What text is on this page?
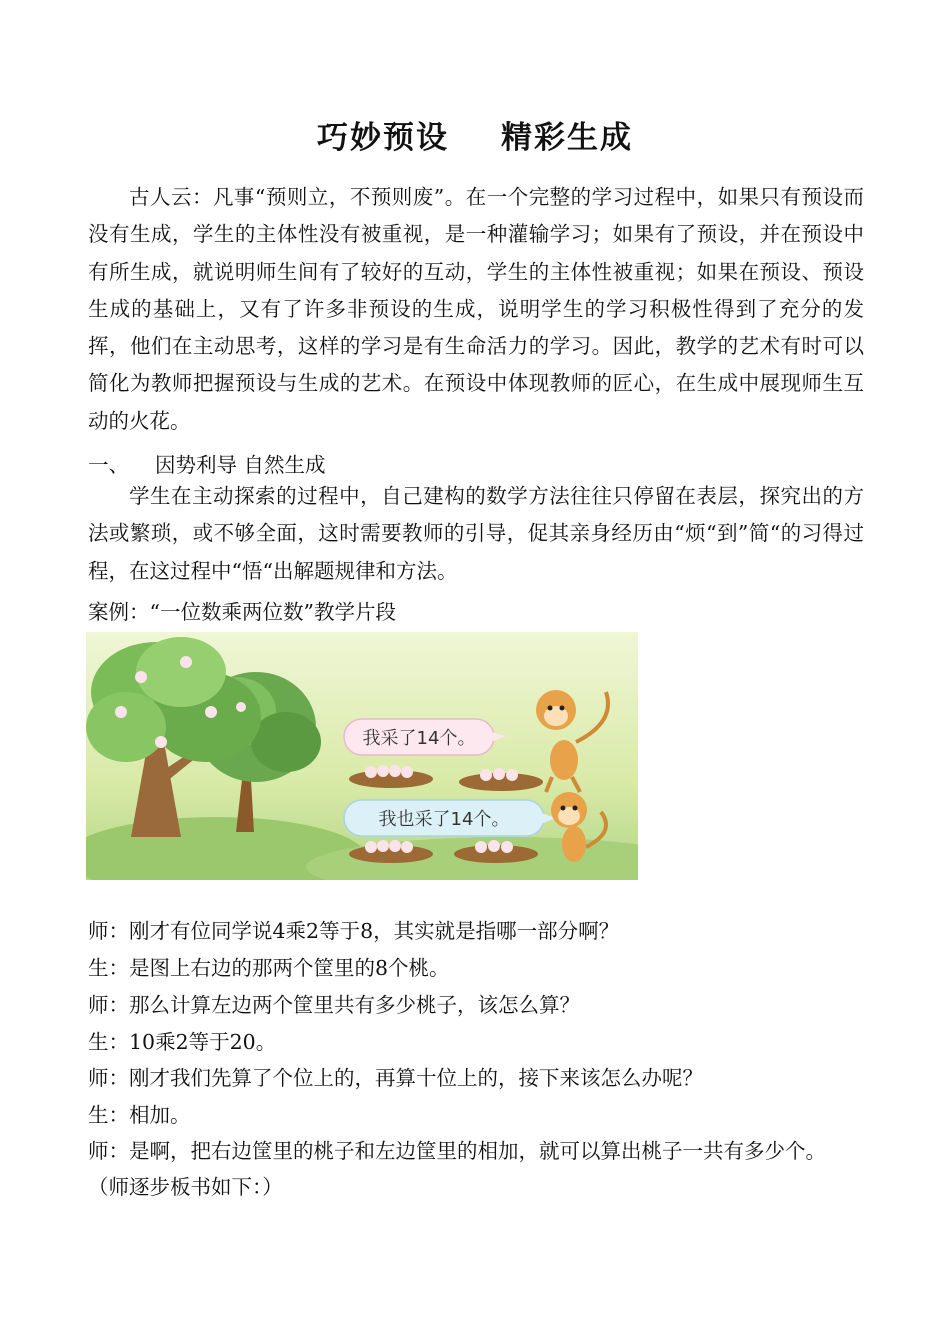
巧妙预设 精彩生成
古人云：凡事“预则立，不预则废”。在一个完整的学习过程中，如果只有预设而没有生成，学生的主体性没有被重视，是一种灌输学习；如果有了预设，并在预设中有所生成，就说明师生间有了较好的互动，学生的主体性被重视；如果在预设、预设生成的基础上，又有了许多非预设的生成，说明学生的学习积极性得到了充分的发挥，他们在主动思考，这样的学习是有生命活力的学习。因此，教学的艺术有时可以简化为教师把握预设与生成的艺术。在预设中体现教师的匠心，在生成中展现师生互动的火花。
一、 因势利导 自然生成
学生在主动探索的过程中，自己建构的数学方法往往只停留在表层，探究出的方法或繁琐，或不够全面，这时需要教师的引导，促其亲身经历由“烦“到”简“的习得过程，在这过程中“悟“出解题规律和方法。
案例：“一位数乘两位数”教学片段
我采了14个。
我也采了14个。
师：刚才有位同学说4乘2等于8，其实就是指哪一部分啊？
生：是图上右边的那两个筐里的8个桃。
师：那么计算左边两个筐里共有多少桃子，该怎么算？
生：10乘2等于20。
师：刚才我们先算了个位上的，再算十位上的，接下来该怎么办呢？
生：相加。
师：是啊，把右边筐里的桃子和左边筐里的相加，就可以算出桃子一共有多少个。
（师逐步板书如下：）
